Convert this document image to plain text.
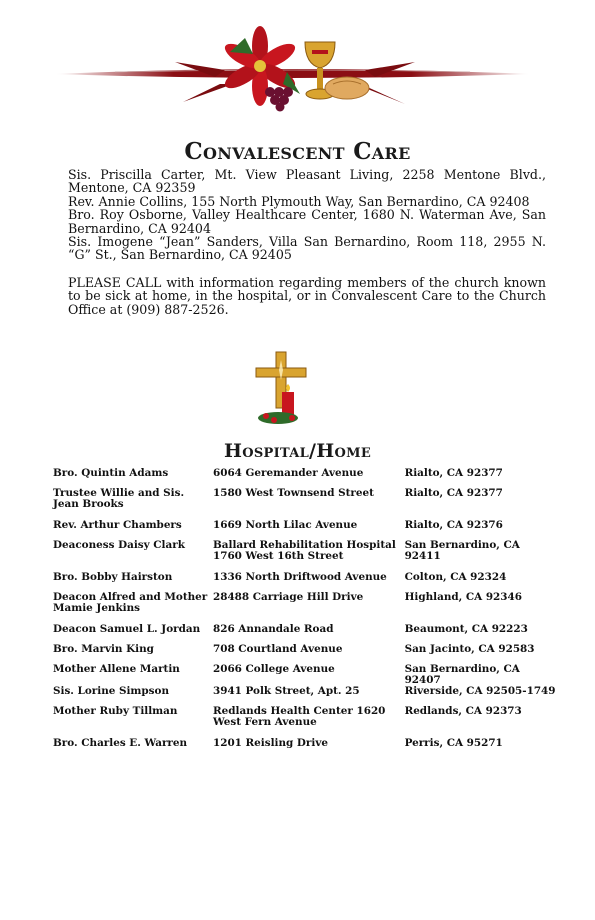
Convalescent Care

Sis. Priscilla Carter, Mt. View Pleasant Living, 2258 Mentone Blvd., Mentone, CA 92359

Rev. Annie Collins, 155 North Plymouth Way, San Bernardino, CA 92408

Bro. Roy Osborne, Valley Healthcare Center, 1680 N. Waterman Ave, San Bernardino, CA 92404

Sis. Imogene “Jean” Sanders, Villa San Bernardino, Room 118, 2955 N. “G” St., San Bernardino, CA 92405

PLEASE CALL with information regarding members of the church known to be sick at home, in the hospital, or in Convalescent Care to the Church Office at (909) 887-2526.

Hospital/Home
Bro. Quintin Adams	6064 Geremander Avenue	Rialto, CA 92377
Trustee Willie and Sis. Jean Brooks	1580 West Townsend Street	Rialto, CA 92377
Rev. Arthur Chambers	1669 North Lilac Avenue	Rialto, CA 92376
Deaconess Daisy Clark	Ballard Rehabilitation Hospital 1760 West 16th Street	San Bernardino, CA 92411
Bro. Bobby Hairston	1336 North Driftwood Avenue	Colton, CA 92324
Deacon Alfred and Mother Mamie Jenkins	28488 Carriage Hill Drive	Highland, CA 92346
Deacon Samuel L. Jordan	826 Annandale Road	Beaumont, CA 92223
Bro. Marvin King	708 Courtland Avenue	San Jacinto, CA 92583
Mother Allene Martin	2066 College Avenue	San Bernardino, CA 92407
Sis. Lorine Simpson	3941 Polk Street, Apt. 25	Riverside, CA 92505-1749
Mother Ruby Tillman	Redlands Health Center 1620 West Fern Avenue	Redlands, CA 92373
Bro. Charles E. Warren	1201 Reisling Drive	Perris, CA 95271
